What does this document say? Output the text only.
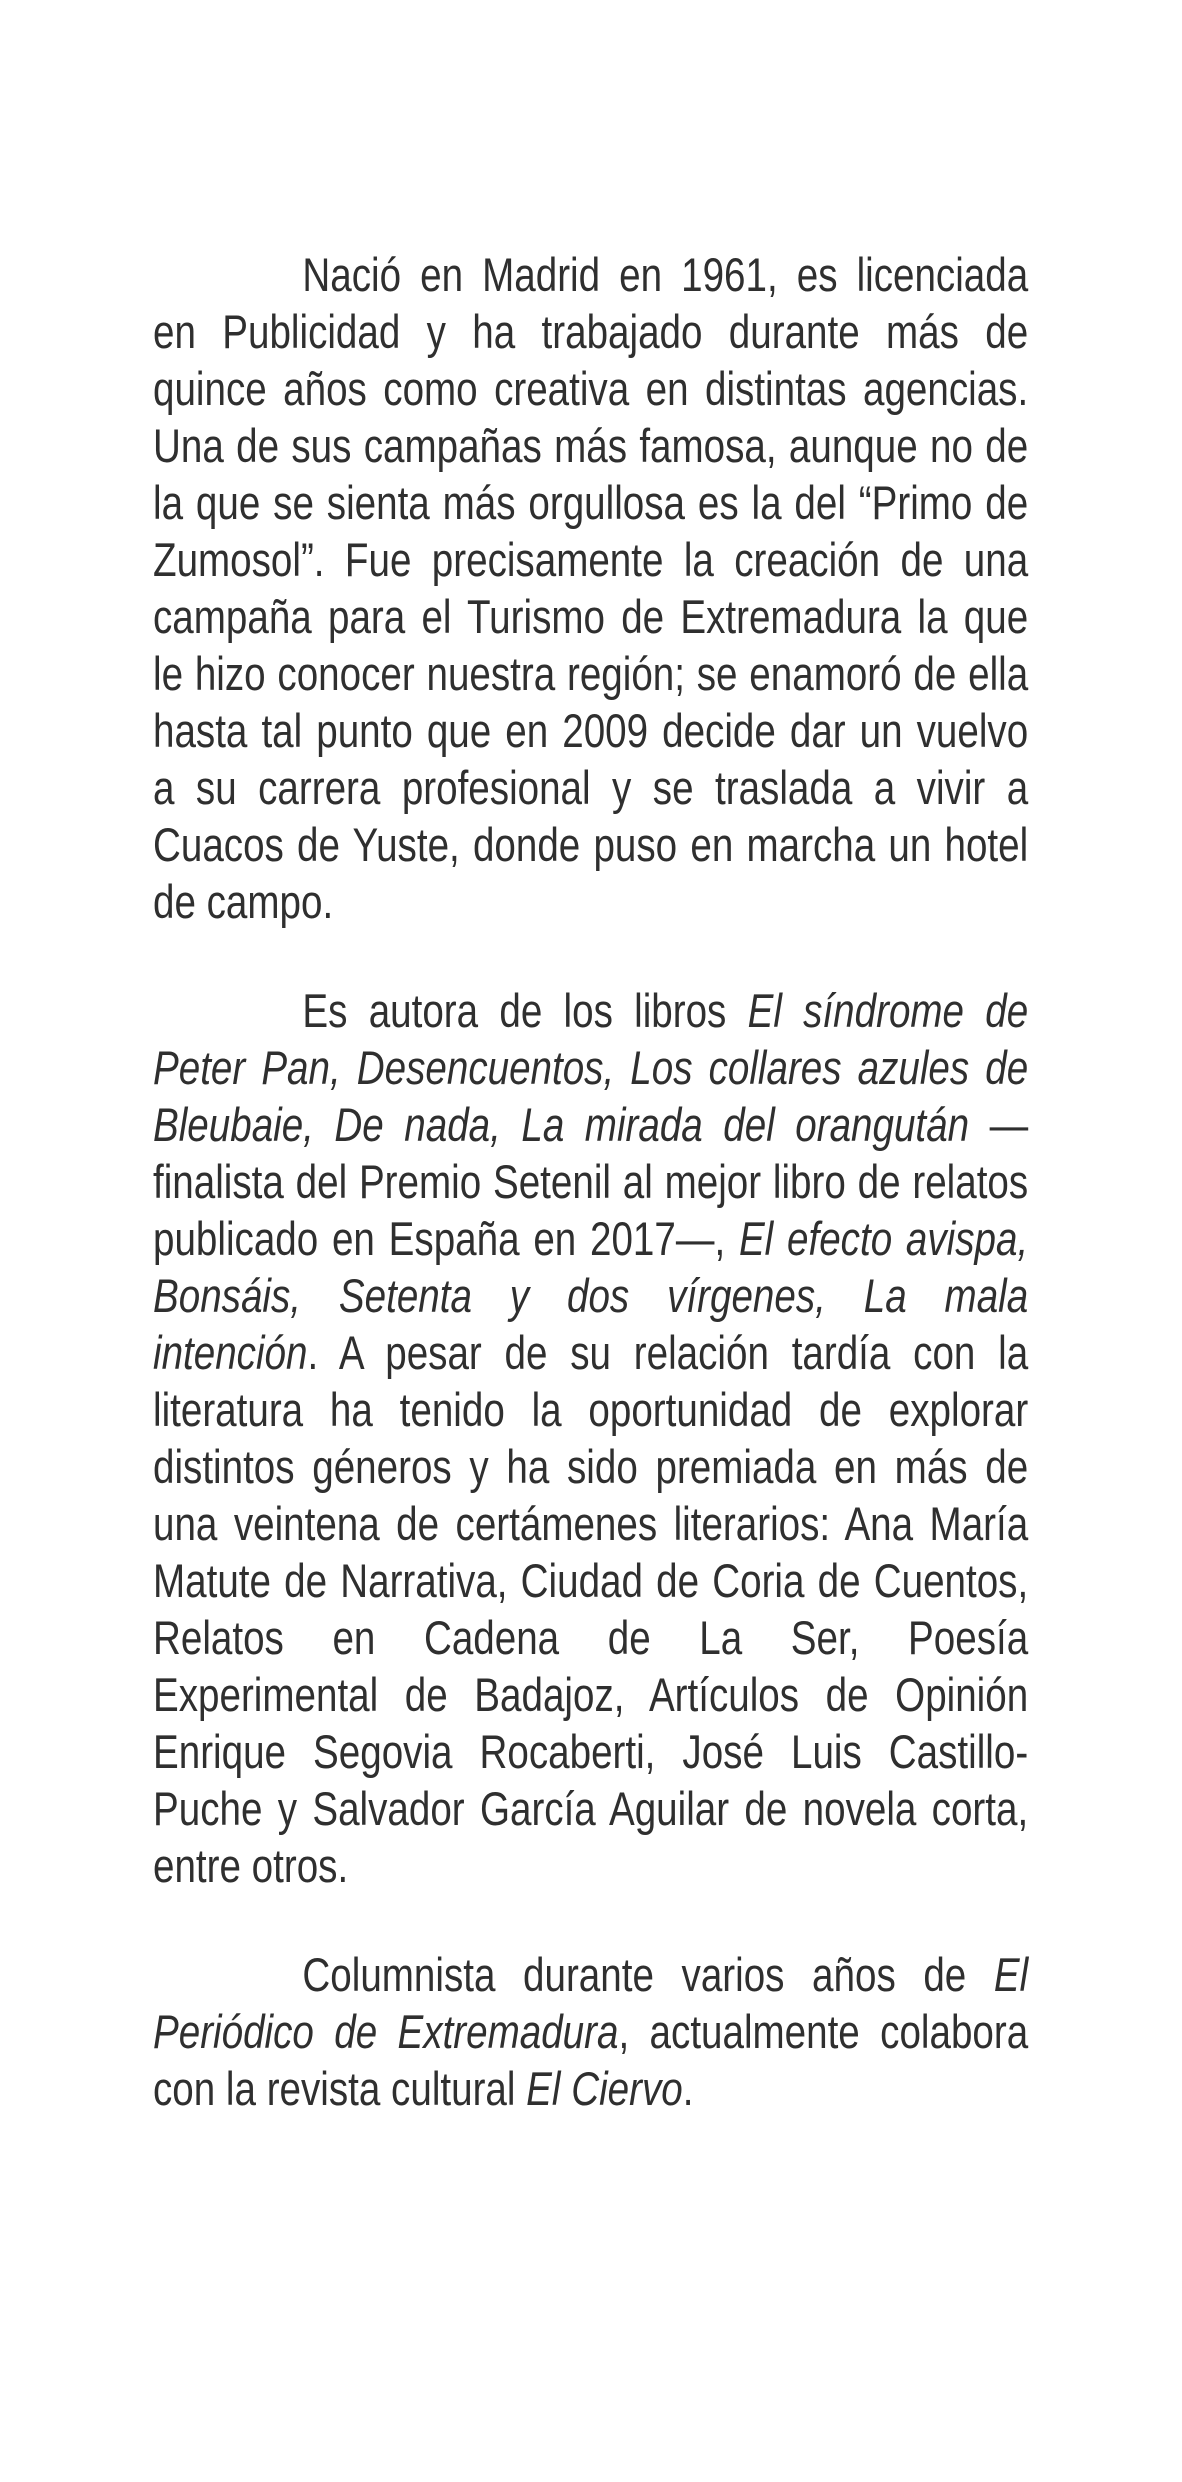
Nació en Madrid en 1961, es licenciada en Publicidad y ha trabajado durante más de quince años como creativa en distintas agencias. Una de sus campañas más famosa, aunque no de la que se sienta más orgullosa es la del “Primo de Zumosol”. Fue precisamente la creación de una campaña para el Turismo de Extremadura la que le hizo conocer nuestra región; se enamoró de ella hasta tal punto que en 2009 decide dar un vuelvo a su carrera profesional y se traslada a vivir a Cuacos de Yuste, donde puso en marcha un hotel de campo.

Es autora de los libros El síndrome de Peter Pan, Desencuentos, Los collares azules de Bleubaie, De nada, La mirada del orangután —finalista del Premio Setenil al mejor libro de relatos publicado en España en 2017—, El efecto avispa, Bonsáis, Setenta y dos vírgenes, La mala intención. A pesar de su relación tardía con la literatura ha tenido la oportunidad de explorar distintos géneros y ha sido premiada en más de una veintena de certámenes literarios: Ana María Matute de Narrativa, Ciudad de Coria de Cuentos, Relatos en Cadena de La Ser, Poesía Experimental de Badajoz, Artículos de Opinión Enrique Segovia Rocaberti, José Luis Castillo-Puche y Salvador García Aguilar de novela corta, entre otros.

Columnista durante varios años de El Periódico de Extremadura, actualmente colabora con la revista cultural El Ciervo.
